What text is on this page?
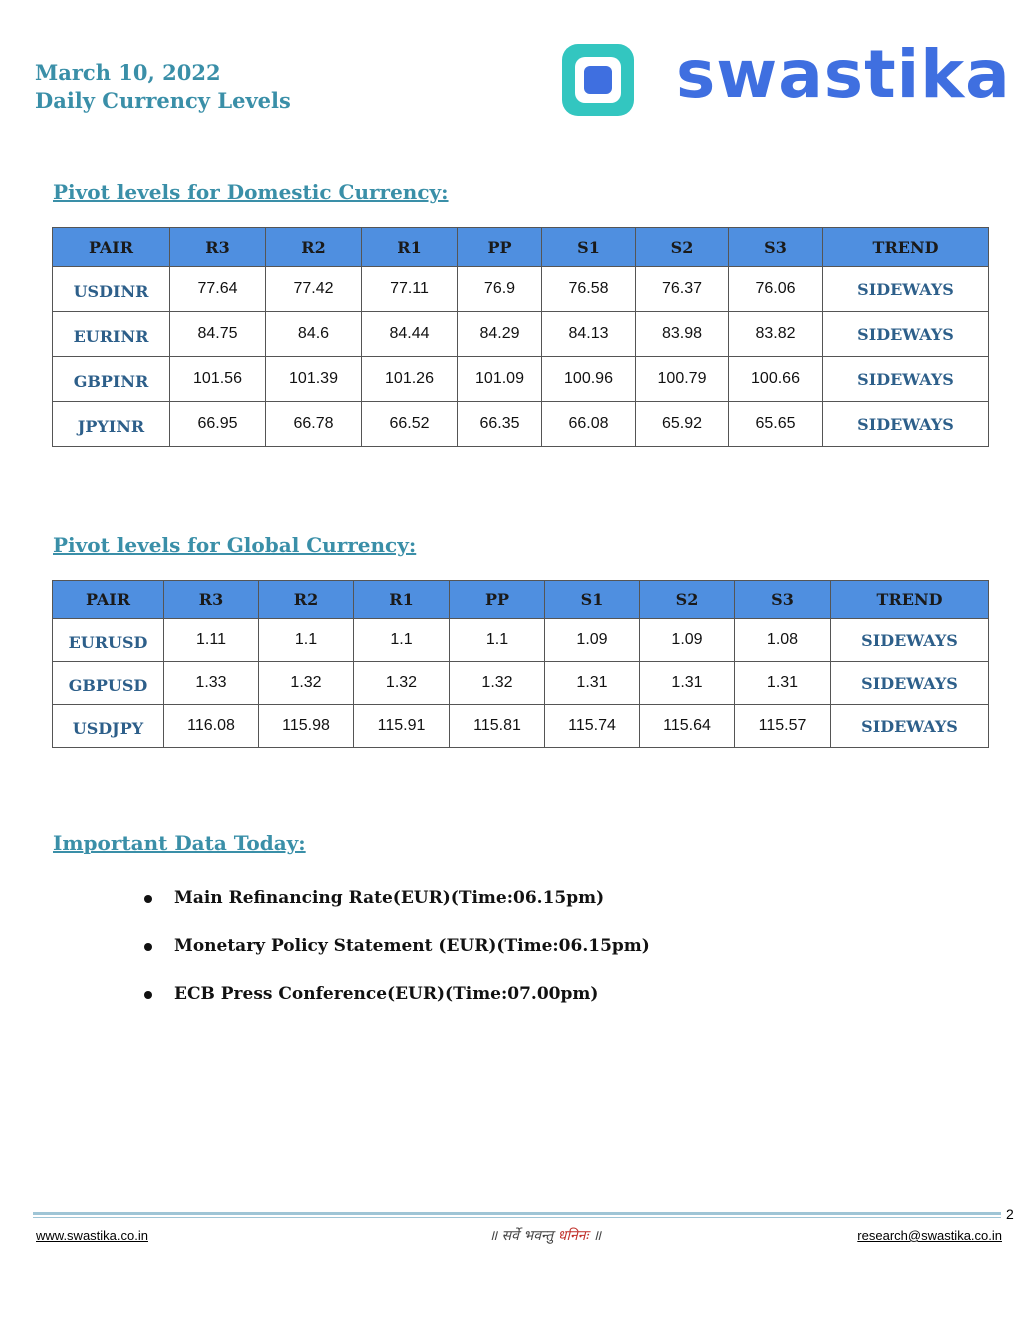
March 10, 2022
Daily Currency Levels	swastika
Pivot levels for Domestic Currency:
PAIR	R3	R2	R1	PP	S1	S2	S3	TREND
USDINR	77.64	77.42	77.11	76.9	76.58	76.37	76.06	SIDEWAYS
EURINR	84.75	84.6	84.44	84.29	84.13	83.98	83.82	SIDEWAYS
GBPINR	101.56	101.39	101.26	101.09	100.96	100.79	100.66	SIDEWAYS
JPYINR	66.95	66.78	66.52	66.35	66.08	65.92	65.65	SIDEWAYS
Pivot levels for Global Currency:
PAIR	R3	R2	R1	PP	S1	S2	S3	TREND
EURUSD	1.11	1.1	1.1	1.1	1.09	1.09	1.08	SIDEWAYS
GBPUSD	1.33	1.32	1.32	1.32	1.31	1.31	1.31	SIDEWAYS
USDJPY	116.08	115.98	115.91	115.81	115.74	115.64	115.57	SIDEWAYS
Important Data Today:
Main Refinancing Rate(EUR)(Time:06.15pm)
Monetary Policy Statement (EUR)(Time:06.15pm)
ECB Press Conference(EUR)(Time:07.00pm)
2
www.swastika.co.in	॥ सर्वे भवन्तु धनिनः ॥	research@swastika.co.in
